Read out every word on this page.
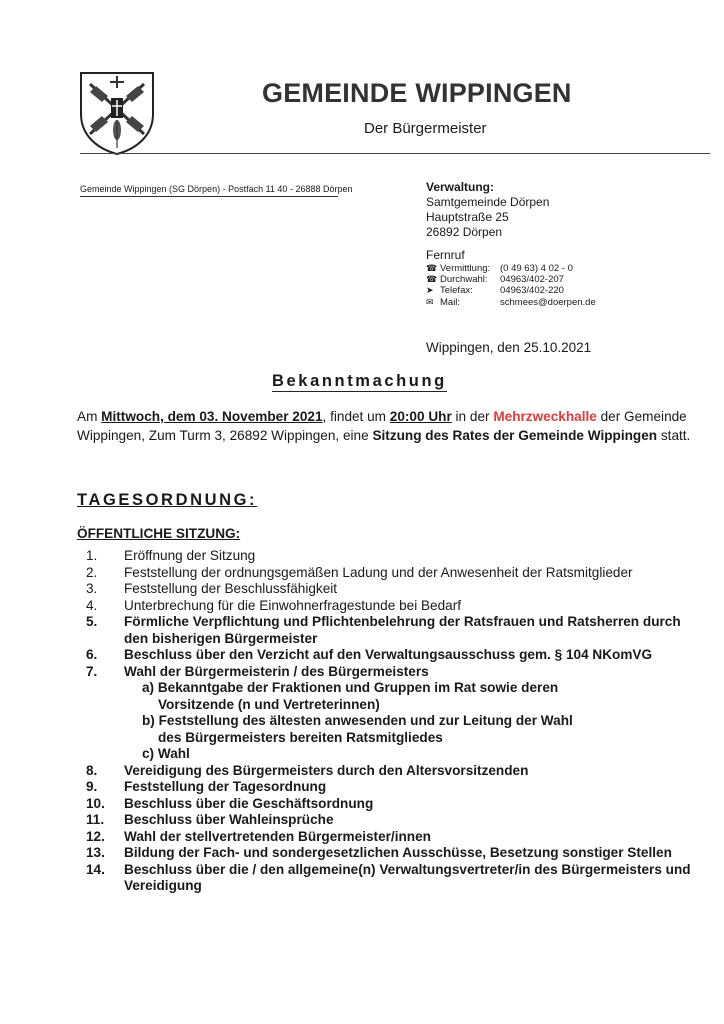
GEMEINDE WIPPINGEN
Der Bürgermeister
Gemeinde Wippingen (SG Dörpen) - Postfach 11 40 - 26888 Dörpen	Verwaltung:
Samtgemeinde Dörpen
Hauptstraße 25
26892 Dörpen
Fernruf
☎ Vermittlung:	(0 49 63) 4 02 - 0
☎ Durchwahl:	04963/402-207
➤ Telefax:	04963/402-220
✉ Mail:	schmees@doerpen.de
Wippingen, den 25.10.2021
Bekanntmachung
Am Mittwoch, dem 03. November 2021, findet um 20:00 Uhr in der Mehrzweckhalle der Gemeinde Wippingen, Zum Turm 3, 26892 Wippingen, eine Sitzung des Rates der Gemeinde Wippingen statt.
TAGESORDNUNG:
ÖFFENTLICHE SITZUNG:
1.	Eröffnung der Sitzung
2.	Feststellung der ordnungsgemäßen Ladung und der Anwesenheit der Ratsmitglieder
3.	Feststellung der Beschlussfähigkeit
4.	Unterbrechung für die Einwohnerfragestunde bei Bedarf
5.	Förmliche Verpflichtung und Pflichtenbelehrung der Ratsfrauen und Ratsherren durch den bisherigen Bürgermeister
6.	Beschluss über den Verzicht auf den Verwaltungsausschuss gem. § 104 NKomVG
7.	Wahl der Bürgermeisterin / des Bürgermeisters
a) Bekanntgabe der Fraktionen und Gruppen im Rat sowie deren
Vorsitzende (n und Vertreterinnen)
b) Feststellung des ältesten anwesenden und zur Leitung der Wahl
des Bürgermeisters bereiten Ratsmitgliedes
c) Wahl
8.	Vereidigung des Bürgermeisters durch den Altersvorsitzenden
9.	Feststellung der Tagesordnung
10.	Beschluss über die Geschäftsordnung
11.	Beschluss über Wahleinsprüche
12.	Wahl der stellvertretenden Bürgermeister/innen
13.	Bildung der Fach- und sondergesetzlichen Ausschüsse, Besetzung sonstiger Stellen
14.	Beschluss über die / den allgemeine(n) Verwaltungsvertreter/in des Bürgermeisters und Vereidigung
